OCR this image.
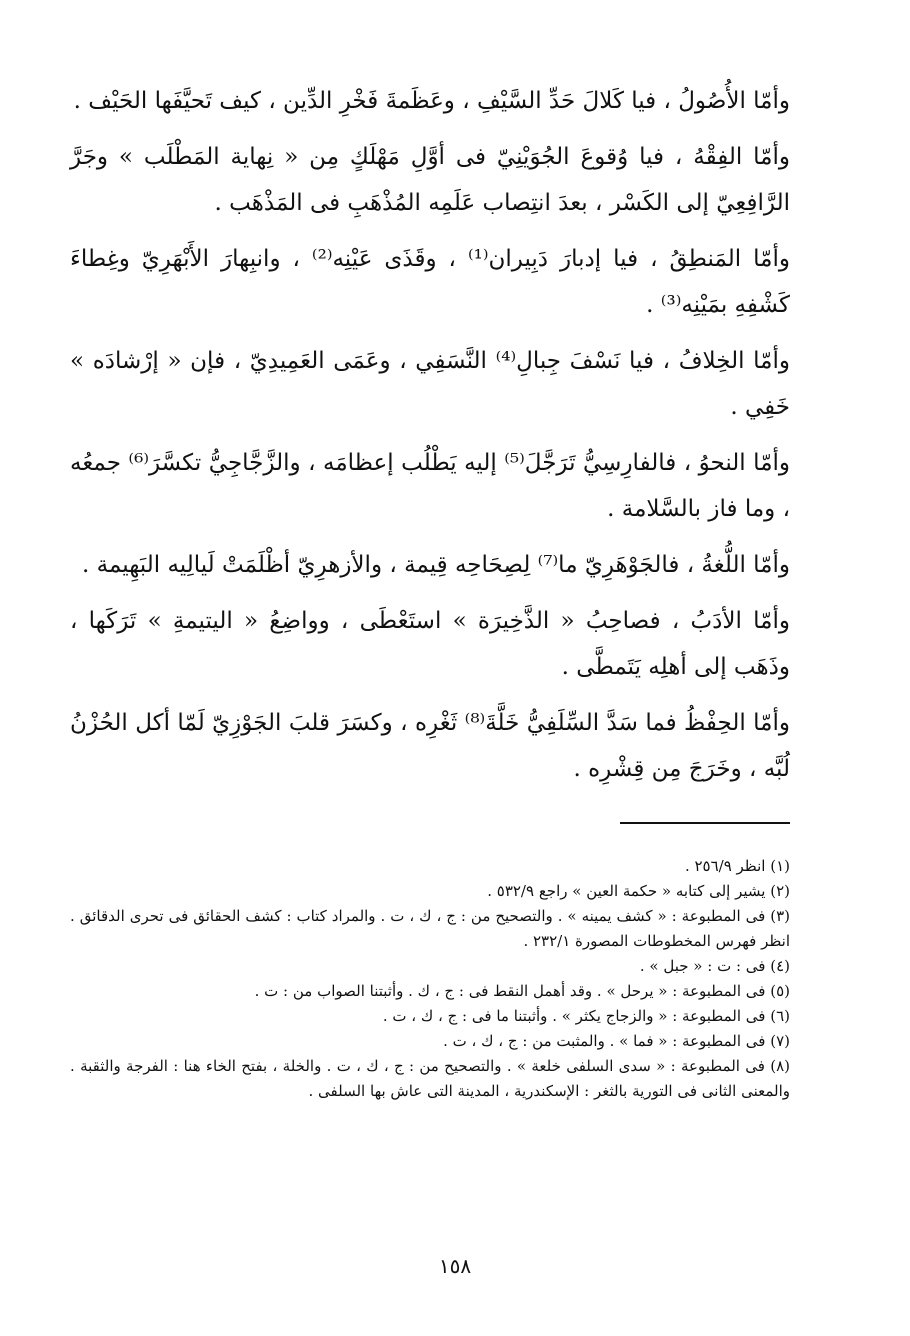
وأمّا الأُصُولُ ، فيا كَلالَ حَدِّ السَّيْفِ ، وعَظَمةَ فَخْرِ الدِّين ، كيف تَحيَّفَها الحَيْف .

وأمّا الفِقْهُ ، فيا وُقوعَ الجُوَيْنِيّ فى أوَّلِ مَهْلَكٍ مِن « نِهاية المَطْلَب » وجَرَّ الرَّافِعِيّ إلى الكَسْر ، بعدَ انتِصاب عَلَمِه المُذْهَبِ فى المَذْهَب .

وأمّا المَنطِقُ ، فيا إدبارَ دَبِيران⁽¹⁾ ، وقَذَى عَيْنِه⁽²⁾ ، وانبِهارَ الأَبْهَرِيّ وغِطاءَ كَشْفِهِ بمَيْنِه⁽³⁾ .

وأمّا الخِلافُ ، فيا نَسْفَ جِبالِ⁽⁴⁾ النَّسَفِي ، وعَمَى العَمِيدِيّ ، فإن « إرْشادَه » خَفِي .

وأمّا النحوُ ، فالفارِسِيُّ تَرَجَّلَ⁽⁵⁾ إليه يَطْلُب إعظامَه ، والزَّجَّاجِيُّ تكسَّرَ⁽⁶⁾ جمعُه ، وما فاز بالسَّلامة .

وأمّا اللُّغةُ ، فالجَوْهَرِيّ ما⁽⁷⁾ لِصِحَاحِه قِيمة ، والأزهرِيّ أظْلَمَتْ لَيالِيه البَهِيمة .

وأمّا الأدَبُ ، فصاحِبُ « الذَّخِيرَة » استَعْطَى ، وواضِعُ « اليتيمةِ » تَرَكَها ، وذَهَب إلى أهلِه يَتَمطَّى .

وأمّا الحِفْظُ فما سَدَّ السِّلَفِيُّ خَلَّةَ⁽⁸⁾ ثَغْرِه ، وكسَرَ قلبَ الجَوْزِيّ لَمّا أكل الحُزْنُ لُبَّه ، وخَرَجَ مِن قِشْرِه .

(١) انظر ٢٥٦/٩ .
(٢) يشير إلى كتابه « حكمة العين » راجع ٥٣٢/٩ .
(٣) فى المطبوعة : « كشف يمينه » . والتصحيح من : ج ، ك ، ت . والمراد كتاب : كشف الحقائق فى تحرى الدقائق . انظر فهرس المخطوطات المصورة ٢٣٢/١ .
(٤) فى : ت : « جبل » .
(٥) فى المطبوعة : « يرحل » . وقد أهمل النقط فى : ج ، ك . وأثبتنا الصواب من : ت .
(٦) فى المطبوعة : « والزجاج يكثر » . وأثبتنا ما فى : ج ، ك ، ت .
(٧) فى المطبوعة : « فما » . والمثبت من : ج ، ك ، ت .
(٨) فى المطبوعة : « سدى السلفى خلعة » . والتصحيح من : ج ، ك ، ت . والخلة ، بفتح الخاء هنا : الفرجة والثقبة . والمعنى الثانى فى التورية بالثغر : الإسكندرية ، المدينة التى عاش بها السلفى .
١٥٨
